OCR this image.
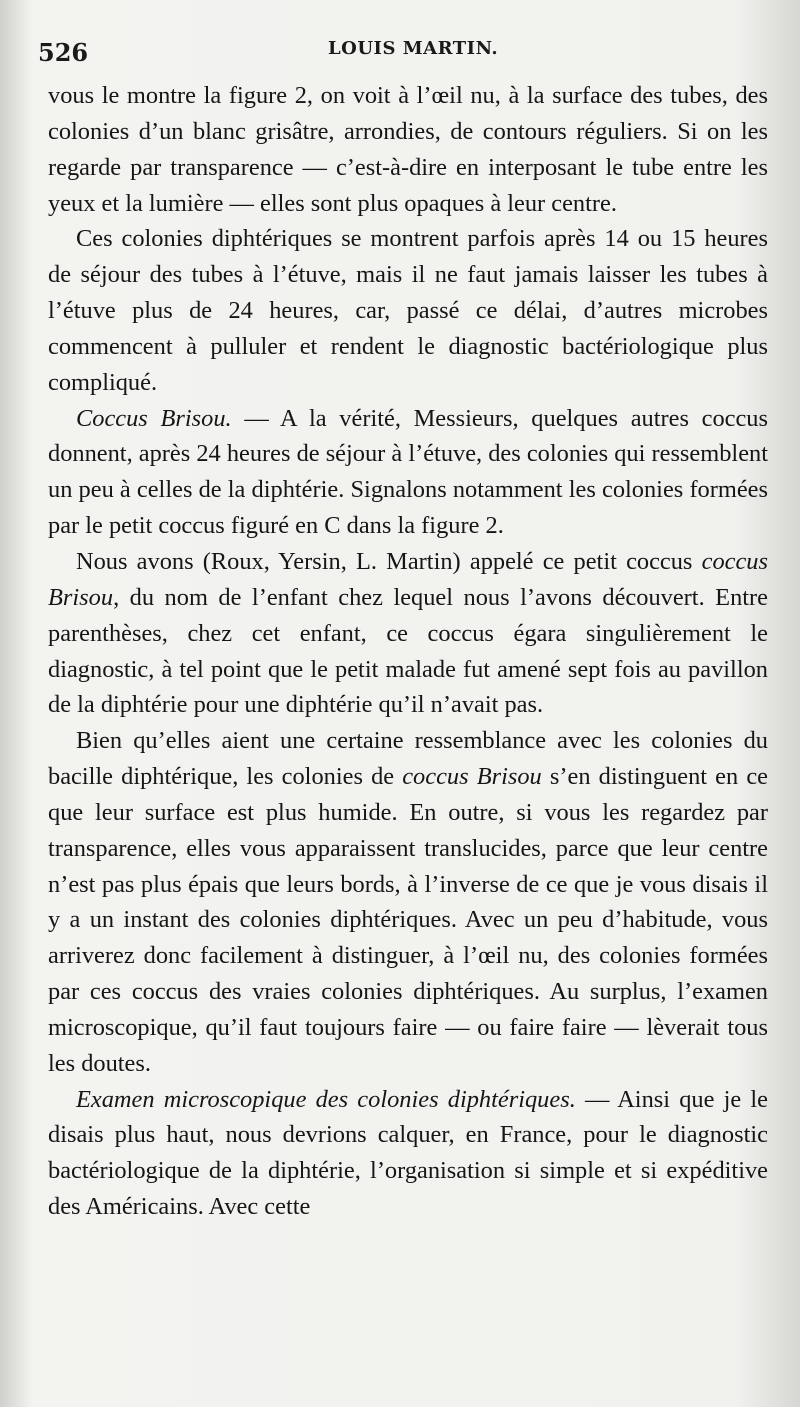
526	LOUIS MARTIN.

vous le montre la figure 2, on voit à l’œil nu, à la surface des tubes, des colonies d’un blanc grisâtre, arrondies, de contours réguliers. Si on les regarde par transparence — c’est-à-dire en interposant le tube entre les yeux et la lumière — elles sont plus opaques à leur centre.

Ces colonies diphtériques se montrent parfois après 14 ou 15 heures de séjour des tubes à l’étuve, mais il ne faut jamais laisser les tubes à l’étuve plus de 24 heures, car, passé ce délai, d’autres microbes commencent à pulluler et rendent le diagnostic bactériologique plus compliqué.

Coccus Brisou. — A la vérité, Messieurs, quelques autres coccus donnent, après 24 heures de séjour à l’étuve, des colonies qui ressemblent un peu à celles de la diphtérie. Signalons notamment les colonies formées par le petit coccus figuré en C dans la figure 2.

Nous avons (Roux, Yersin, L. Martin) appelé ce petit coccus coccus Brisou, du nom de l’enfant chez lequel nous l’avons découvert. Entre parenthèses, chez cet enfant, ce coccus égara singulièrement le diagnostic, à tel point que le petit malade fut amené sept fois au pavillon de la diphtérie pour une diphtérie qu’il n’avait pas.

Bien qu’elles aient une certaine ressemblance avec les colonies du bacille diphtérique, les colonies de coccus Brisou s’en distinguent en ce que leur surface est plus humide. En outre, si vous les regardez par transparence, elles vous apparaissent translucides, parce que leur centre n’est pas plus épais que leurs bords, à l’inverse de ce que je vous disais il y a un instant des colonies diphtériques. Avec un peu d’habitude, vous arriverez donc facilement à distinguer, à l’œil nu, des colonies formées par ces coccus des vraies colonies diphtériques. Au surplus, l’examen microscopique, qu’il faut toujours faire — ou faire faire — lèverait tous les doutes.

Examen microscopique des colonies diphtériques. — Ainsi que je le disais plus haut, nous devrions calquer, en France, pour le diagnostic bactériologique de la diphtérie, l’organisation si simple et si expéditive des Américains. Avec cette
